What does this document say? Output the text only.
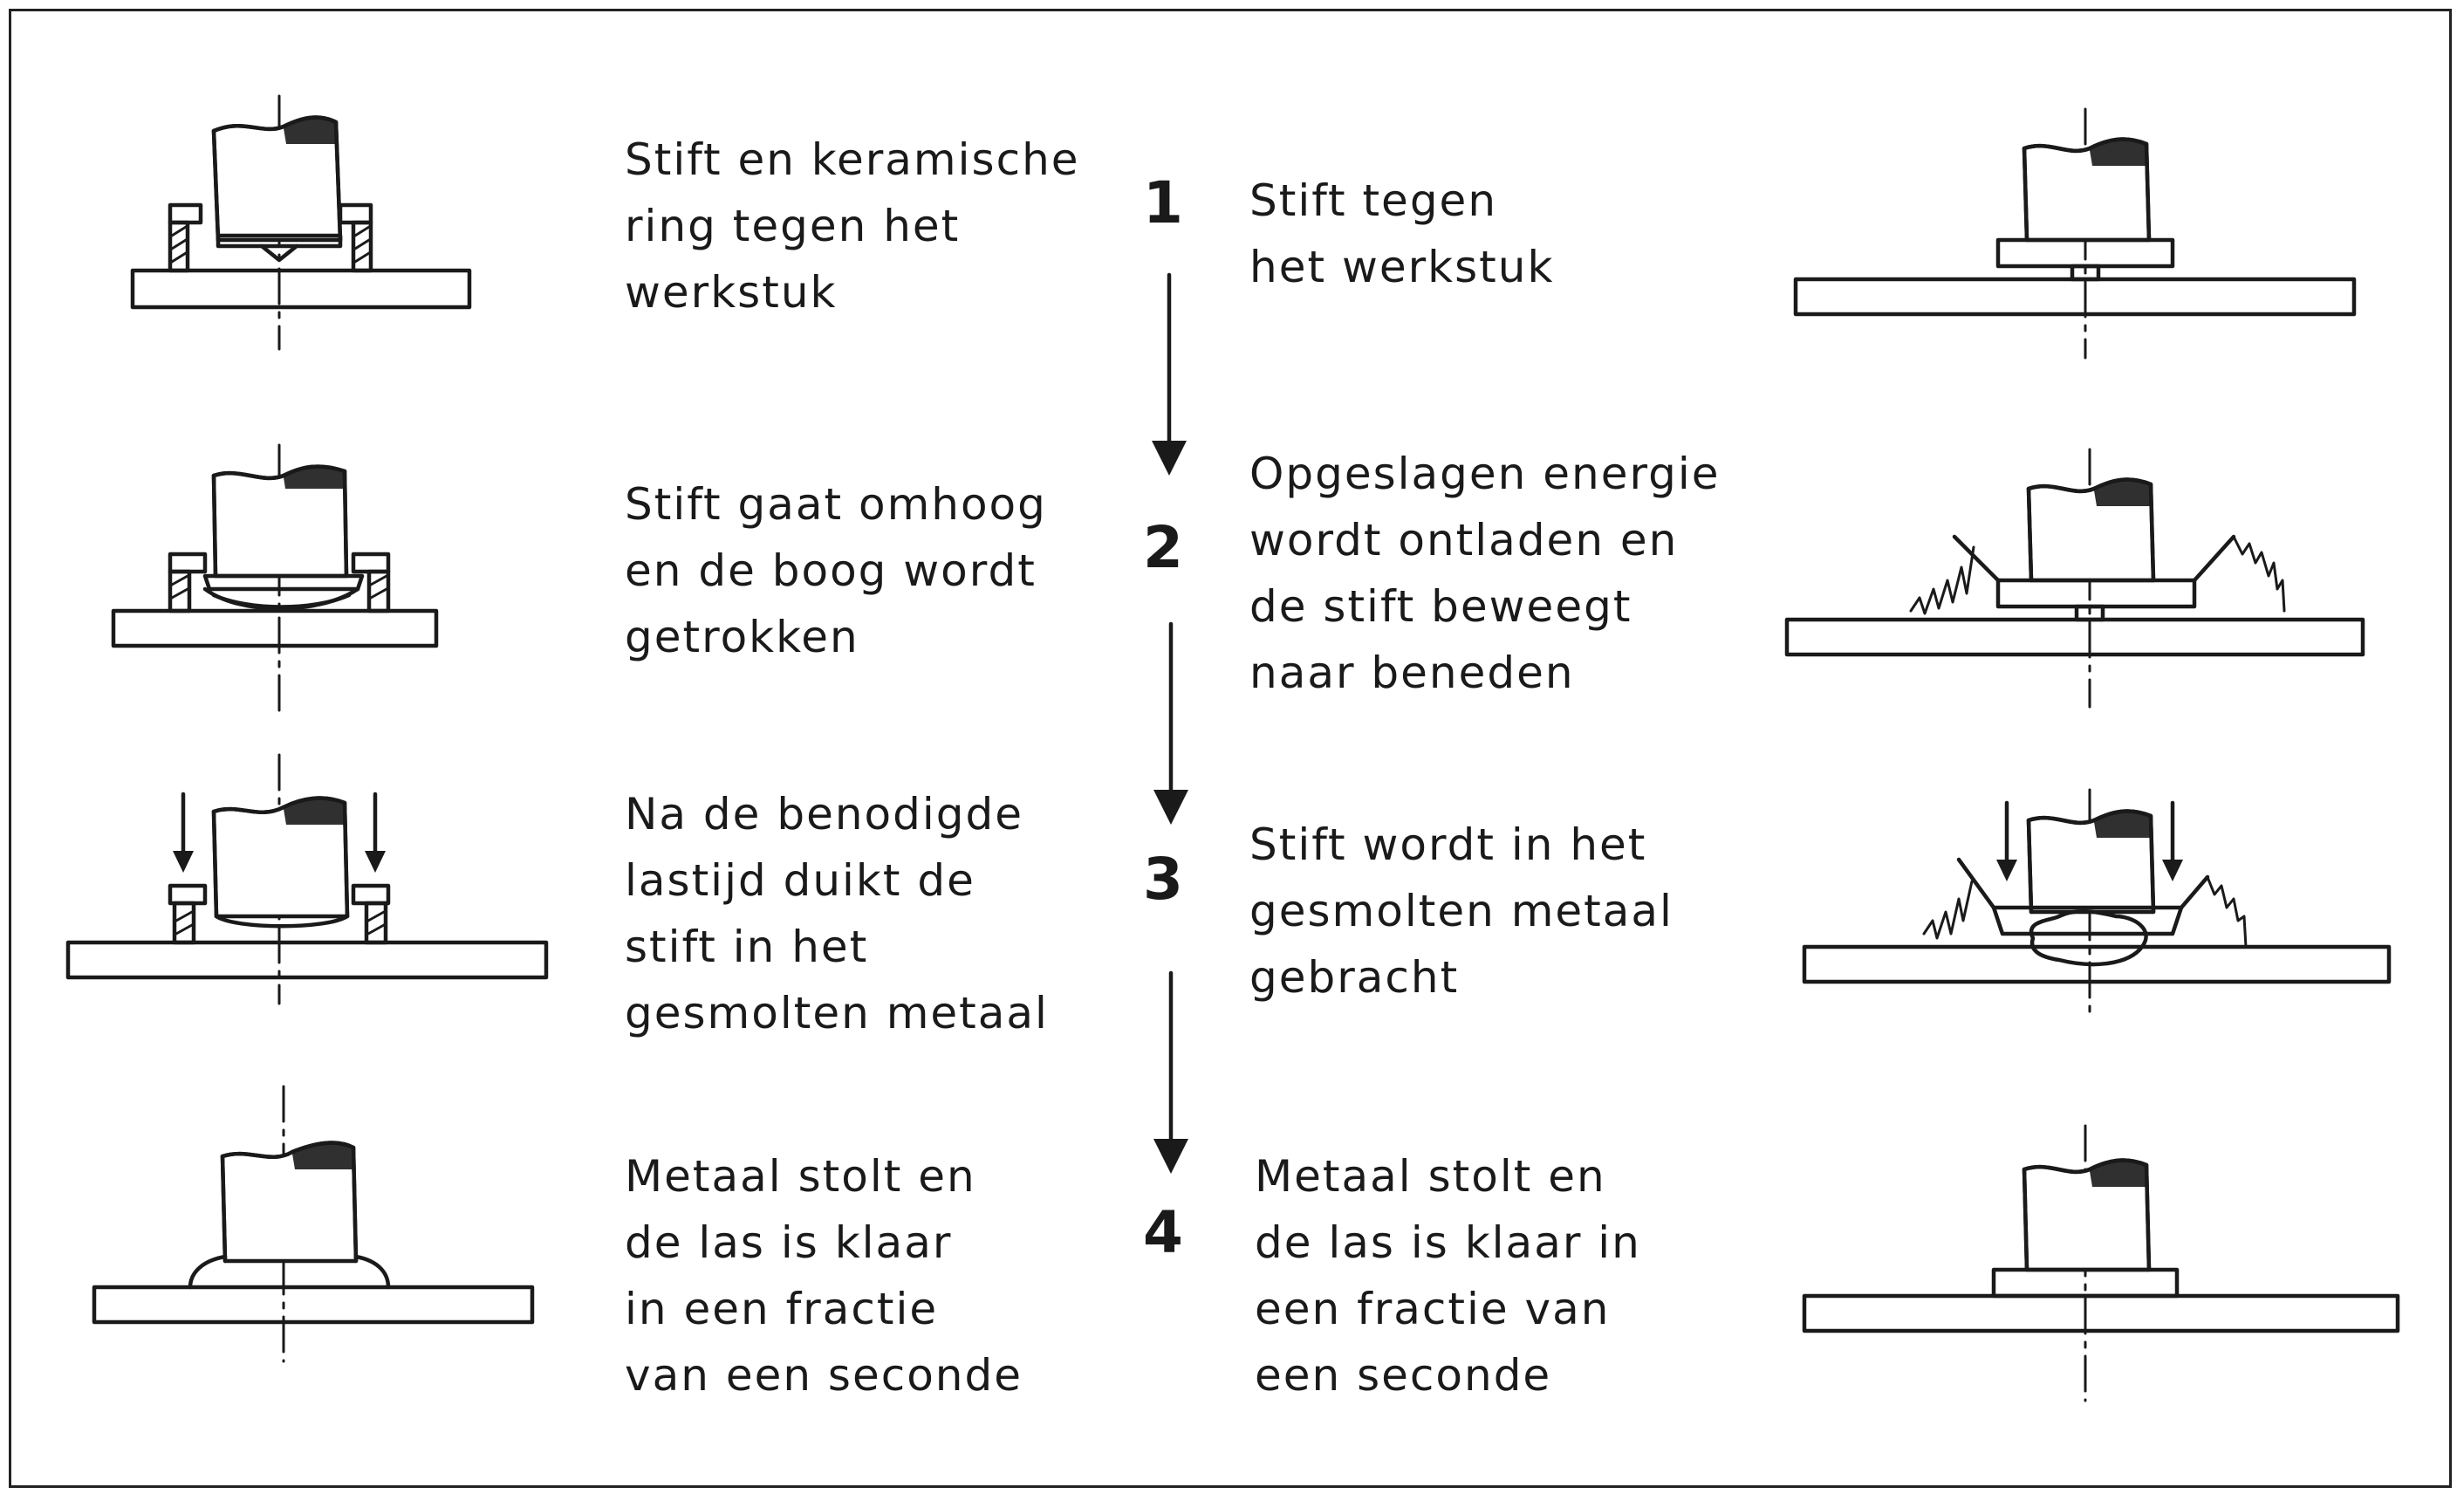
1
2
3
4

Stift en keramische
ring tegen het
werkstuk

Stift gaat omhoog
en de boog wordt
getrokken

Na de benodigde
lastijd duikt de
stift in het
gesmolten metaal

Metaal stolt en
de las is klaar
in een fractie
van een seconde

Stift tegen
het werkstuk

Opgeslagen energie
wordt ontladen en
de stift beweegt
naar beneden

Stift wordt in het
gesmolten metaal
gebracht

Metaal stolt en
de las is klaar in
een fractie van
een seconde
